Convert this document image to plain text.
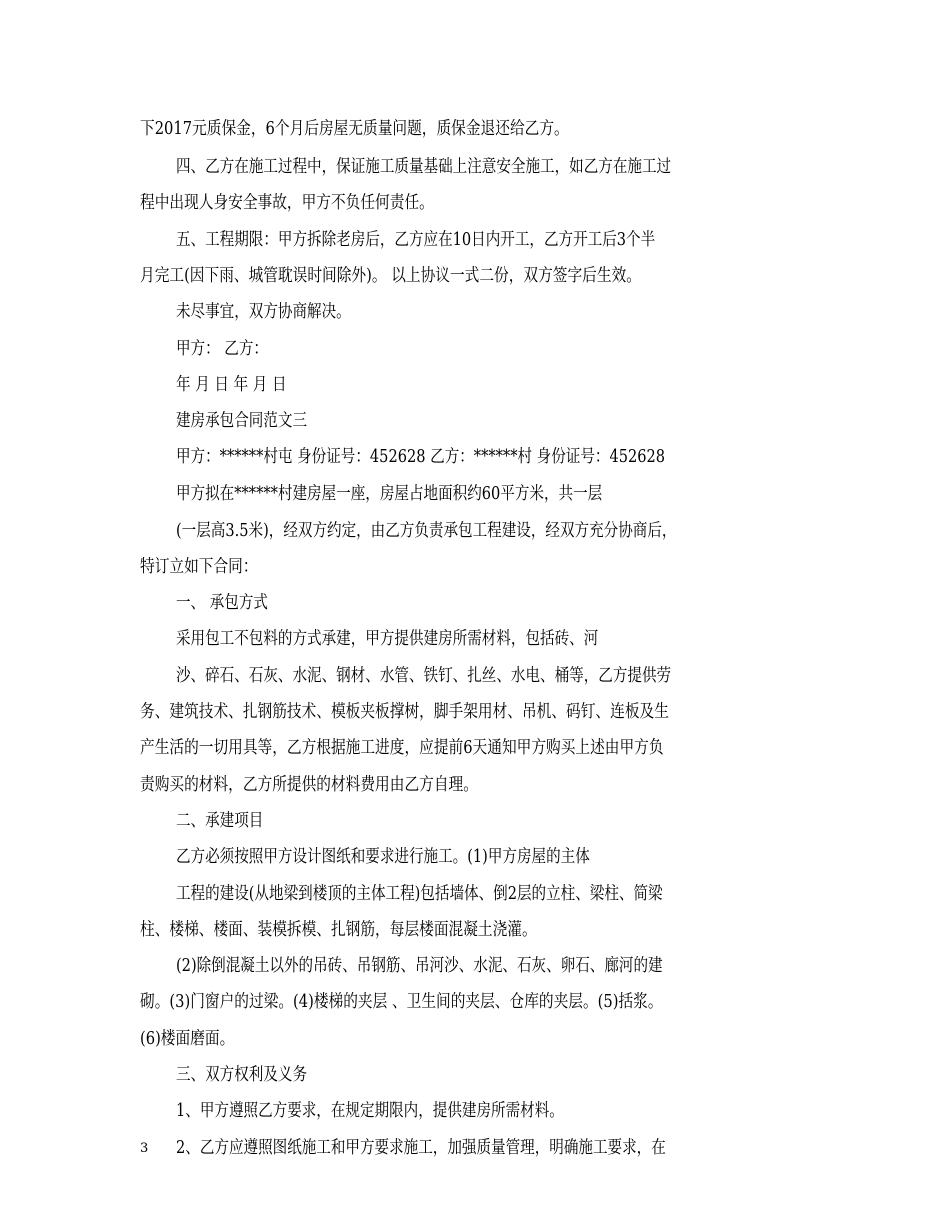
下2017元质保金，6个月后房屋无质量问题，质保金退还给乙方。
四、乙方在施工过程中，保证施工质量基础上注意安全施工，如乙方在施工过
程中出现人身安全事故，甲方不负任何责任。
五、工程期限：甲方拆除老房后，乙方应在10日内开工，乙方开工后3个半
月完工(因下雨、城管耽误时间除外)。 以上协议一式二份，双方签字后生效。
未尽事宜，双方协商解决。
甲方： 乙方：
年 月 日 年 月 日
建房承包合同范文三
甲方：******村屯 身份证号：452628 乙方：******村 身份证号：452628
甲方拟在******村建房屋一座，房屋占地面积约60平方米，共一层
(一层高3.5米)，经双方约定，由乙方负责承包工程建设，经双方充分协商后，
特订立如下合同：
一、 承包方式
采用包工不包料的方式承建，甲方提供建房所需材料，包括砖、河
沙、碎石、石灰、水泥、钢材、水管、铁钉、扎丝、水电、桶等，乙方提供劳
务、建筑技术、扎钢筋技术、模板夹板撑树，脚手架用材、吊机、码钉、连板及生
产生活的一切用具等，乙方根据施工进度，应提前6天通知甲方购买上述由甲方负
责购买的材料，乙方所提供的材料费用由乙方自理。
二、承建项目
乙方必须按照甲方设计图纸和要求进行施工。(1)甲方房屋的主体
工程的建设(从地梁到楼顶的主体工程)包括墙体、倒2层的立柱、梁柱、简梁
柱、楼梯、楼面、装模拆模、扎钢筋，每层楼面混凝土浇灌。
(2)除倒混凝土以外的吊砖、吊钢筋、吊河沙、水泥、石灰、卵石、廊河的建
砌。(3)门窗户的过梁。(4)楼梯的夹层 、卫生间的夹层、仓库的夹层。(5)括浆。
(6)楼面磨面。
三、双方权利及义务
1、甲方遵照乙方要求，在规定期限内，提供建房所需材料。
2、乙方应遵照图纸施工和甲方要求施工，加强质量管理，明确施工要求，在
3
